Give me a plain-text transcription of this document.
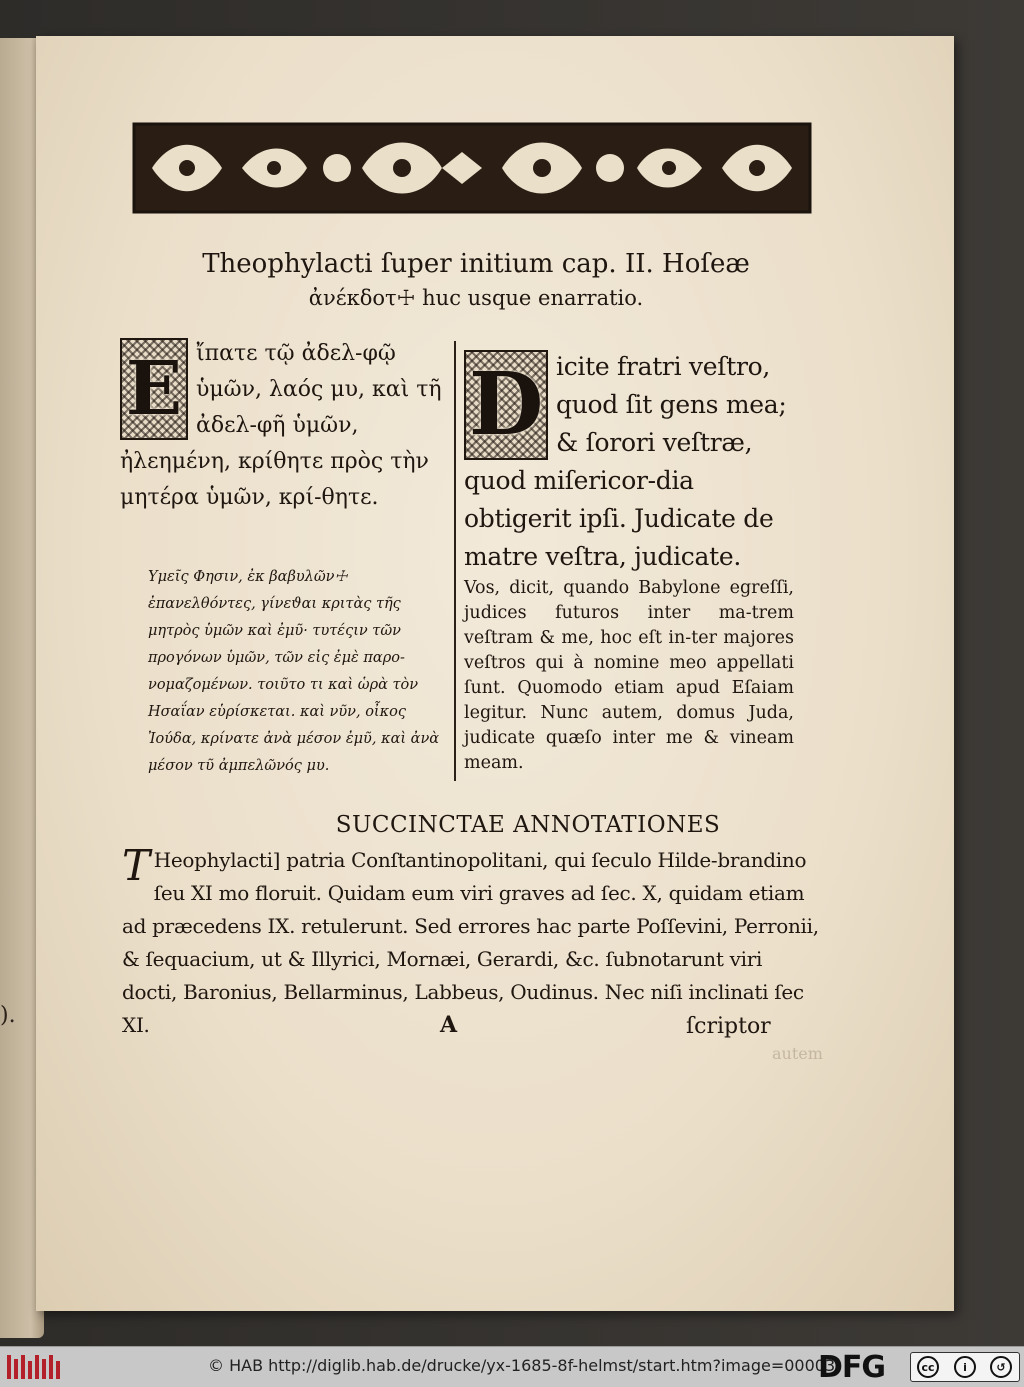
).
Theophylacti ſuper initium cap. II. Hoſeæ
ἀνέκδοτ☩ huc usque enarratio.

E ἴπατε τῷ ἀδελ-φῷ ὑμῶν, λαός μυ, καὶ τῆ ἀδελ-φῆ ὑμῶν, ἠλεημένη, κρίθητε πρὸς τὴν μητέρα ὑμῶν, κρί-θητε.

D icite fratri veſtro, quod ſit gens mea; & ſorori veſtræ, quod miſericor-dia obtigerit ipſi. Judicate de matre veſtra, judicate.

Υμεῖς Φησιν, ἐκ βαβυλῶν☩ ἐπανελθόντες, γίνεϑαι κριτὰς τῆς μητρὸς ὑμῶν καὶ ἐμῦ· τυτέςιν τῶν προγόνων ὑμῶν, τῶν εἰς ἐμὲ παρο-νομαζομένων. τοιῦτο τι καὶ ὡρὰ τὸν Ησαΐαν εὑρίσκεται. καὶ νῦν, οἶκος Ἰούδα, κρίνατε ἀνὰ μέσον ἐμῦ, καὶ ἀνὰ μέσον τῦ ἀμπελῶνός μυ.

Vos, dicit, quando Babylone egreſſi, judices futuros inter ma-trem veſtram & me, hoc eſt in-ter majores veſtros qui à nomine meo appellati ſunt. Quomodo etiam apud Eſaiam legitur. Nunc autem, domus Juda, judicate quæſo inter me & vineam meam.

SUCCINCTAE ANNOTATIONES

T Heophylacti] patria Conſtantinopolitani, qui ſeculo Hilde-brandino ſeu XI mo floruit. Quidam eum viri graves ad ſec. X, quidam etiam ad præcedens IX. retulerunt. Sed errores hac parte Poſſevini, Perronii, & ſequacium, ut & Illyrici, Mornæi, Gerardi, &c. ſubnotarunt viri docti, Baronius, Bellarminus, Labbeus, Oudinus. Nec niſi inclinati ſec XI.	A	ſcriptor
autem
© HAB http://diglib.hab.de/drucke/yx-1685-8f-helmst/start.htm?image=00003
DFG	cc	i	↺
